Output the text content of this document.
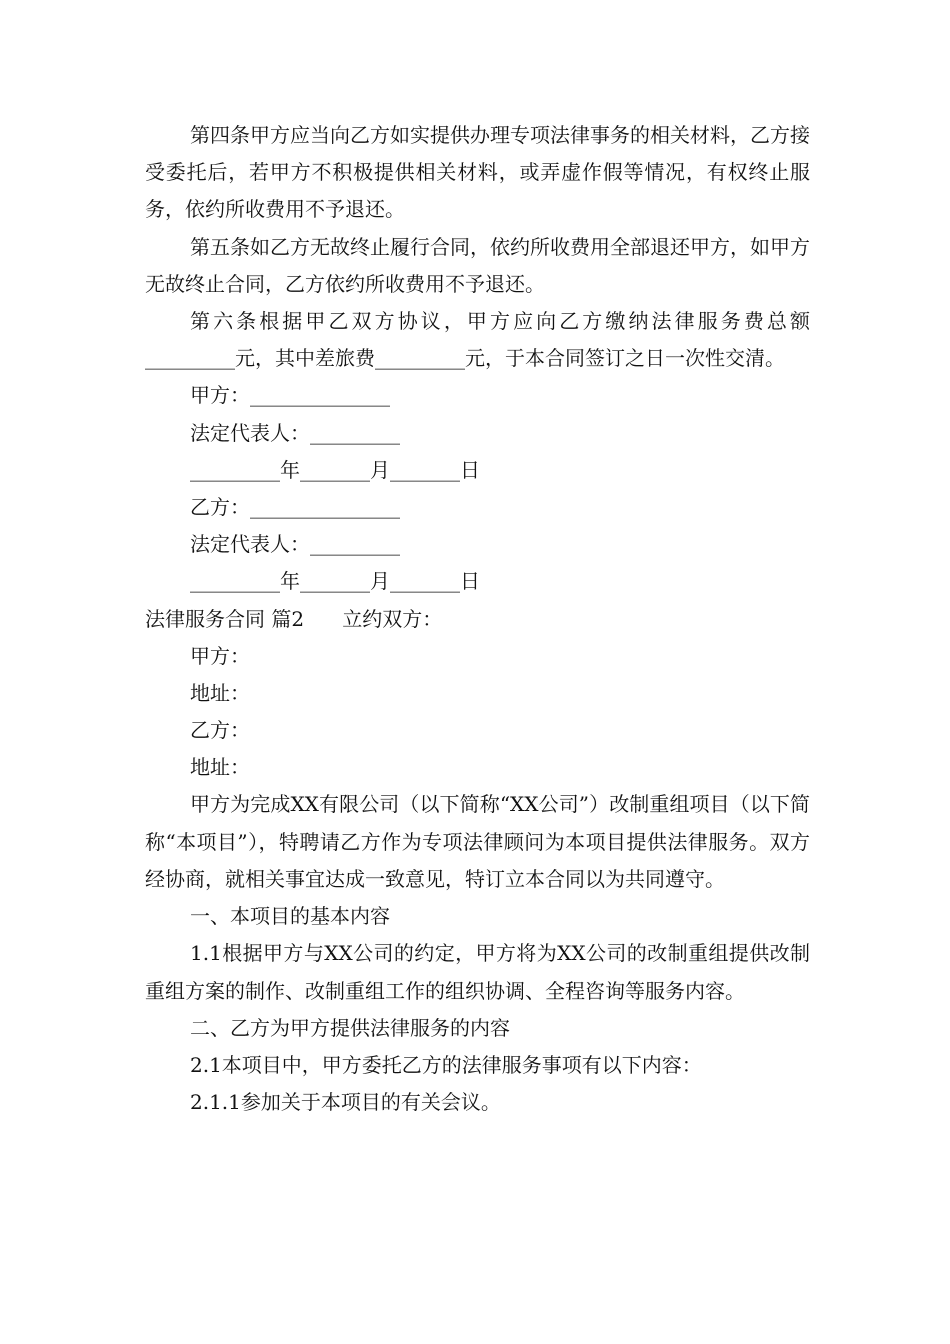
第四条甲方应当向乙方如实提供办理专项法律事务的相关材料，乙方接受委托后，若甲方不积极提供相关材料，或弄虚作假等情况，有权终止服务，依约所收费用不予退还。

第五条如乙方无故终止履行合同，依约所收费用全部退还甲方，如甲方无故终止合同，乙方依约所收费用不予退还。

第六条根据甲乙双方协议，甲方应向乙方缴纳法律服务费总额_________元，其中差旅费_________元，于本合同签订之日一次性交清。

甲方：______________
法定代表人：_________
_________年_______月_______日
乙方：_______________
法定代表人：_________
_________年_______月_______日
法律服务合同 篇2      立约双方：
甲方：
地址：
乙方：
地址：

甲方为完成XX有限公司（以下简称“XX公司”）改制重组项目（以下简称“本项目”），特聘请乙方作为专项法律顾问为本项目提供法律服务。双方经协商，就相关事宜达成一致意见，特订立本合同以为共同遵守。

一、本项目的基本内容

1.1根据甲方与XX公司的约定，甲方将为XX公司的改制重组提供改制重组方案的制作、改制重组工作的组织协调、全程咨询等服务内容。

二、乙方为甲方提供法律服务的内容

2.1本项目中，甲方委托乙方的法律服务事项有以下内容：

2.1.1参加关于本项目的有关会议。
